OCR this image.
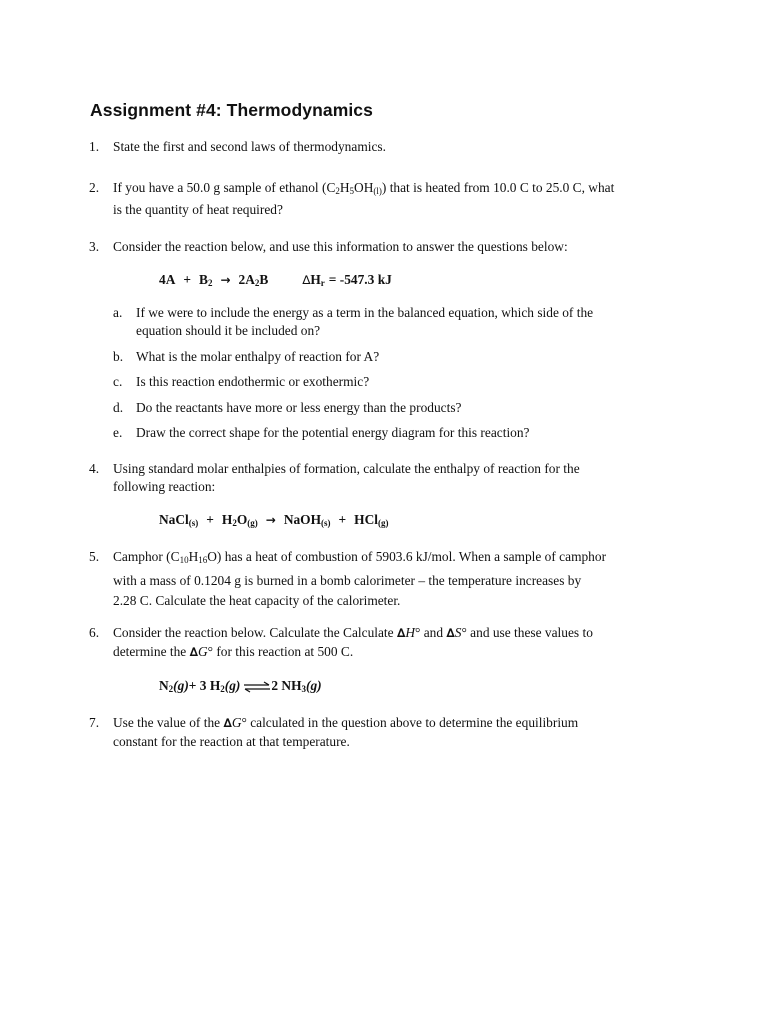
Assignment #4: Thermodynamics
1. State the first and second laws of thermodynamics.
2. If you have a 50.0 g sample of ethanol $(C_2H_5OH_{(l)})$ that is heated from 10.0 C to 25.0 C, what
is the quantity of heat required?
3. Consider the reaction below, and use this information to answer the questions below:
4A + B2 → 2A2B	∆Hr = -547.3 kJ
a. If we were to include the energy as a term in the balanced equation, which side of the
equation should it be included on?
b. What is the molar enthalpy of reaction for A?
c. Is this reaction endothermic or exothermic?
d. Do the reactants have more or less energy than the products?
e. Draw the correct shape for the potential energy diagram for this reaction?
4. Using standard molar enthalpies of formation, calculate the enthalpy of reaction for the
following reaction:
NaCl(s) + H2O(g) → NaOH(s) + HCl(g)
5. Camphor $(C_{10}H_{16}O)$ has a heat of combustion of 5903.6 kJ/mol. When a sample of camphor
with a mass of 0.1204 g is burned in a bomb calorimeter – the temperature increases by
2.28 C. Calculate the heat capacity of the calorimeter.
6. Consider the reaction below. Calculate the Calculate ∆H° and ∆S° and use these values to
determine the ∆G° for this reaction at 500 C.
N2(g)+ 3 H2(g) ⇌2 NH3(g)
7. Use the value of the ∆G° calculated in the question above to determine the equilibrium
constant for the reaction at that temperature.
